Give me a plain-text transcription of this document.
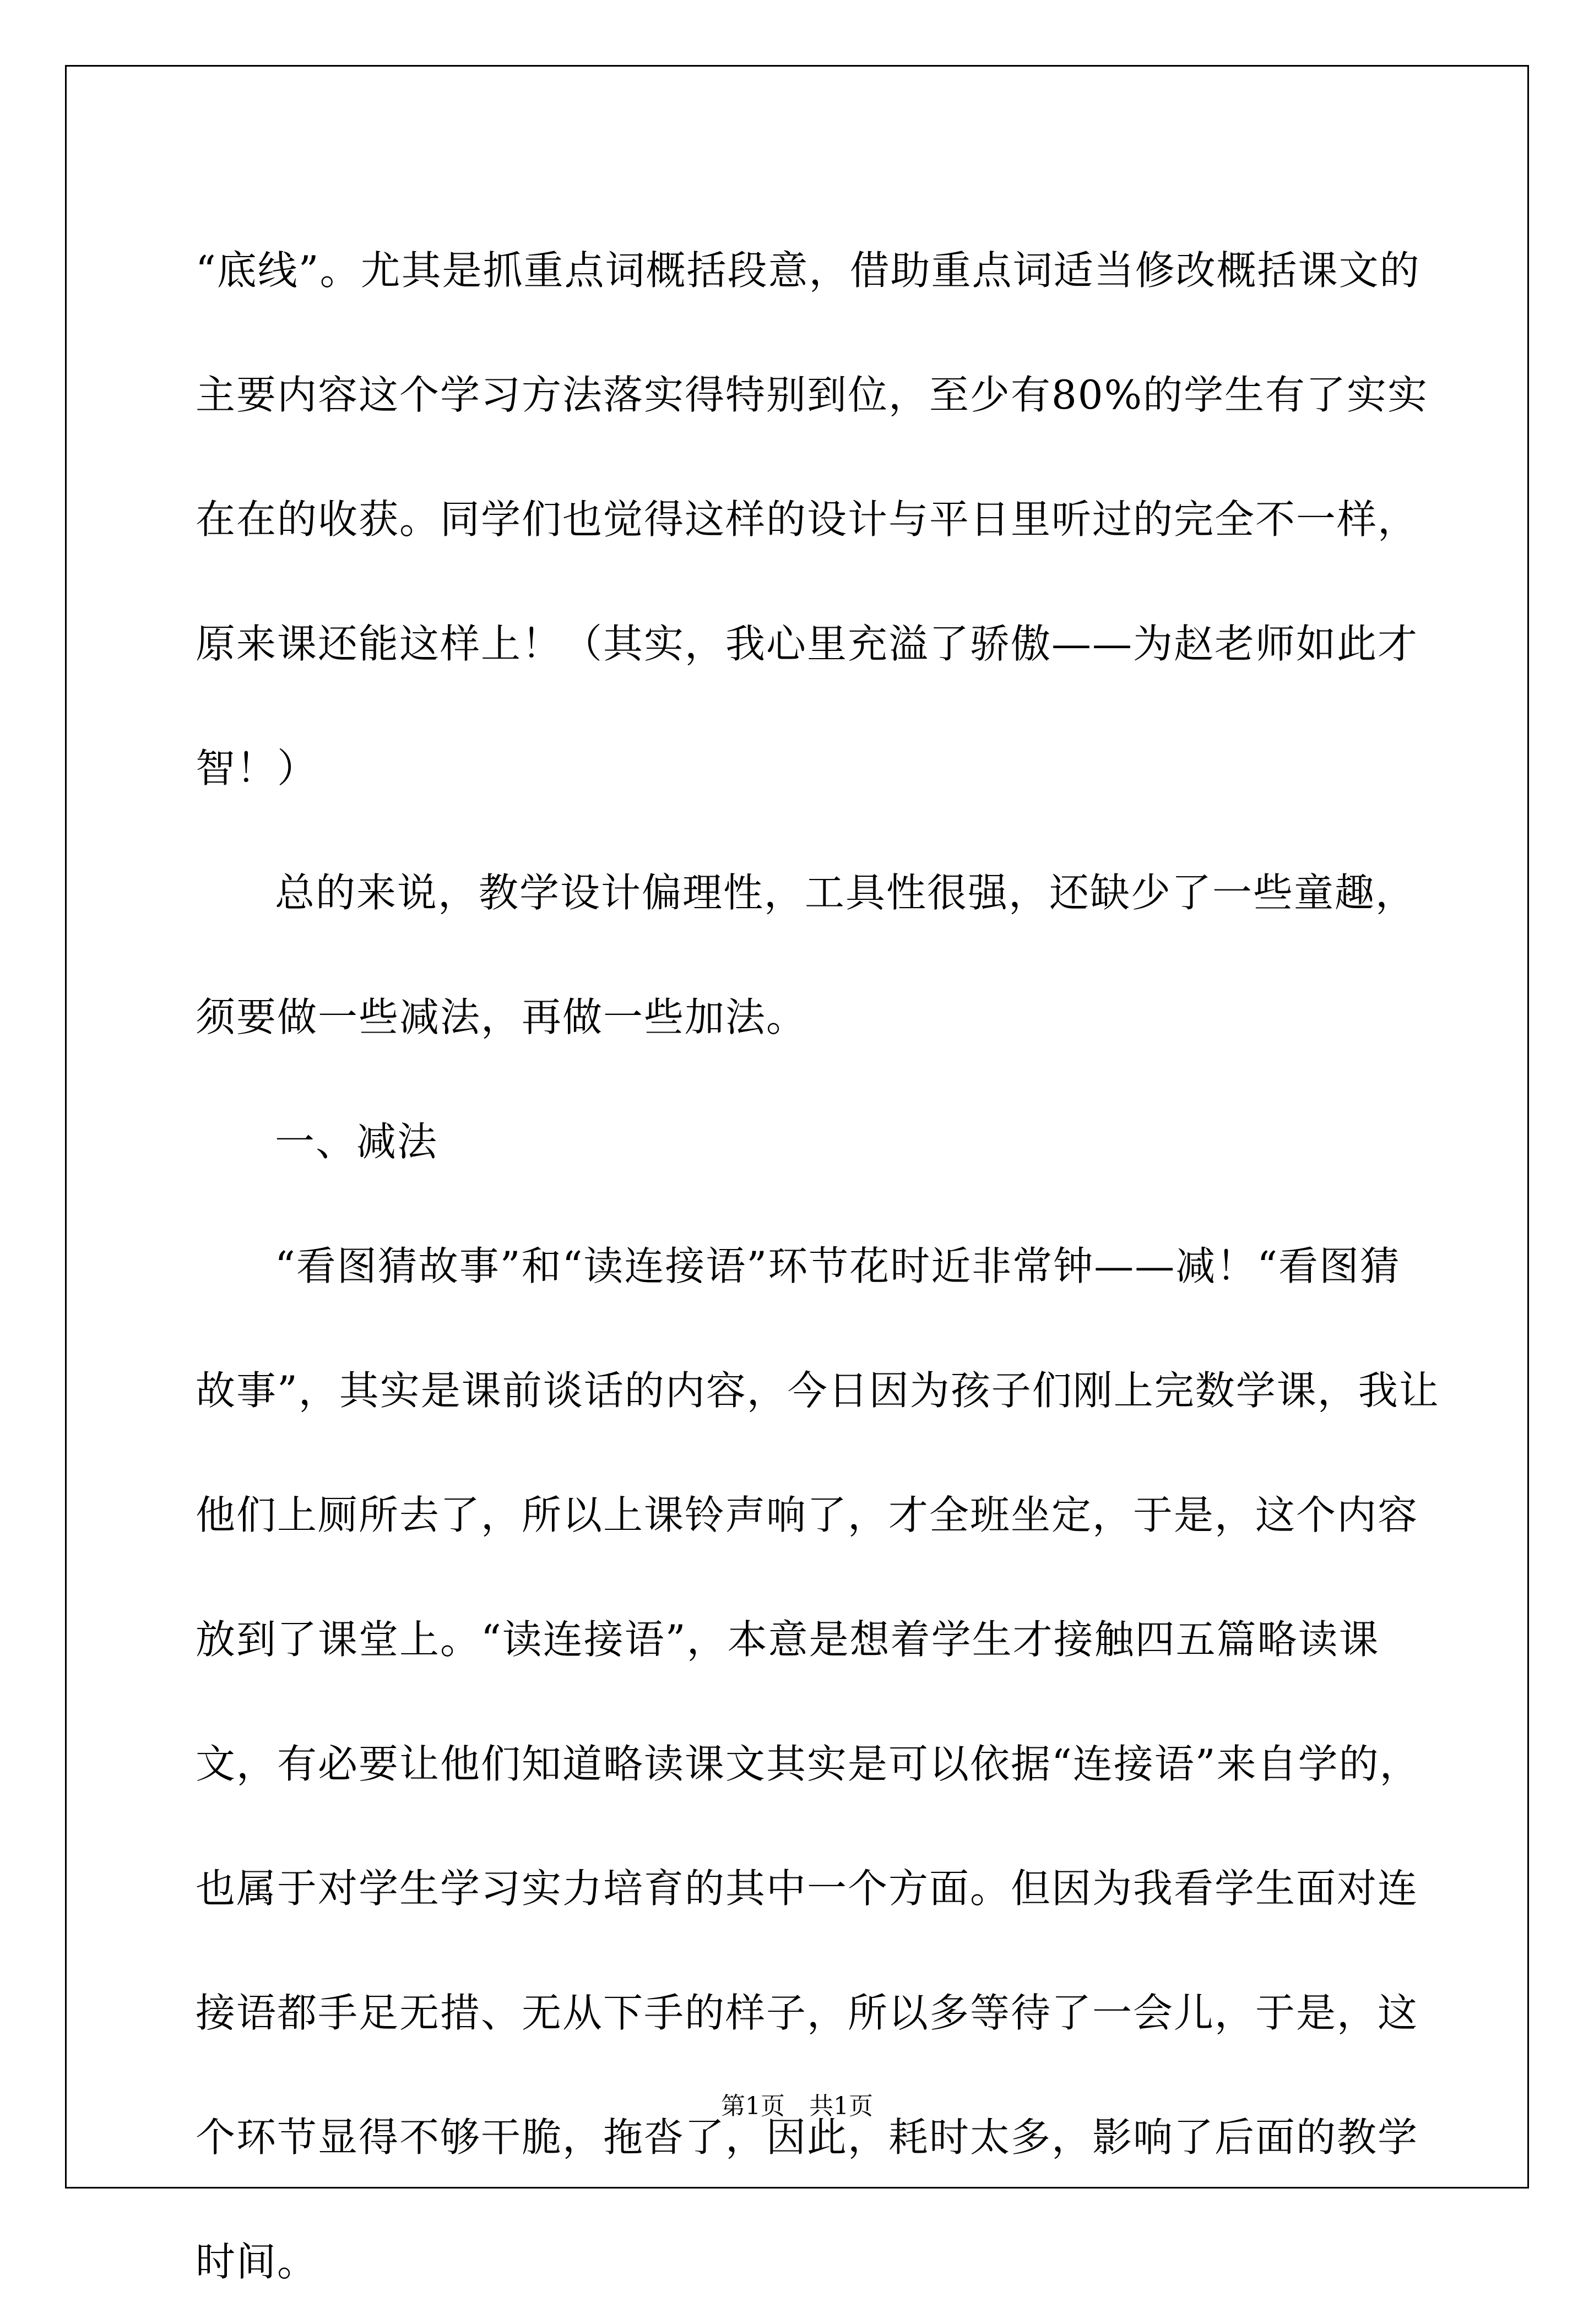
“底线”。尤其是抓重点词概括段意，借助重点词适当修改概括课文的主要内容这个学习方法落实得特别到位，至少有80%的学生有了实实在在的收获。同学们也觉得这样的设计与平日里听过的完全不一样，原来课还能这样上！（其实，我心里充溢了骄傲——为赵老师如此才智！）

总的来说，教学设计偏理性，工具性很强，还缺少了一些童趣，须要做一些减法，再做一些加法。

一、减法

“看图猜故事”和“读连接语”环节花时近非常钟——减！“看图猜故事”，其实是课前谈话的内容，今日因为孩子们刚上完数学课，我让他们上厕所去了，所以上课铃声响了，才全班坐定，于是，这个内容放到了课堂上。“读连接语”，本意是想着学生才接触四五篇略读课文，有必要让他们知道略读课文其实是可以依据“连接语”来自学的，也属于对学生学习实力培育的其中一个方面。但因为我看学生面对连接语都手足无措、无从下手的样子，所以多等待了一会儿，于是，这个环节显得不够干脆，拖沓了，因此，耗时太多，影响了后面的教学时间。

第1页　共1页
